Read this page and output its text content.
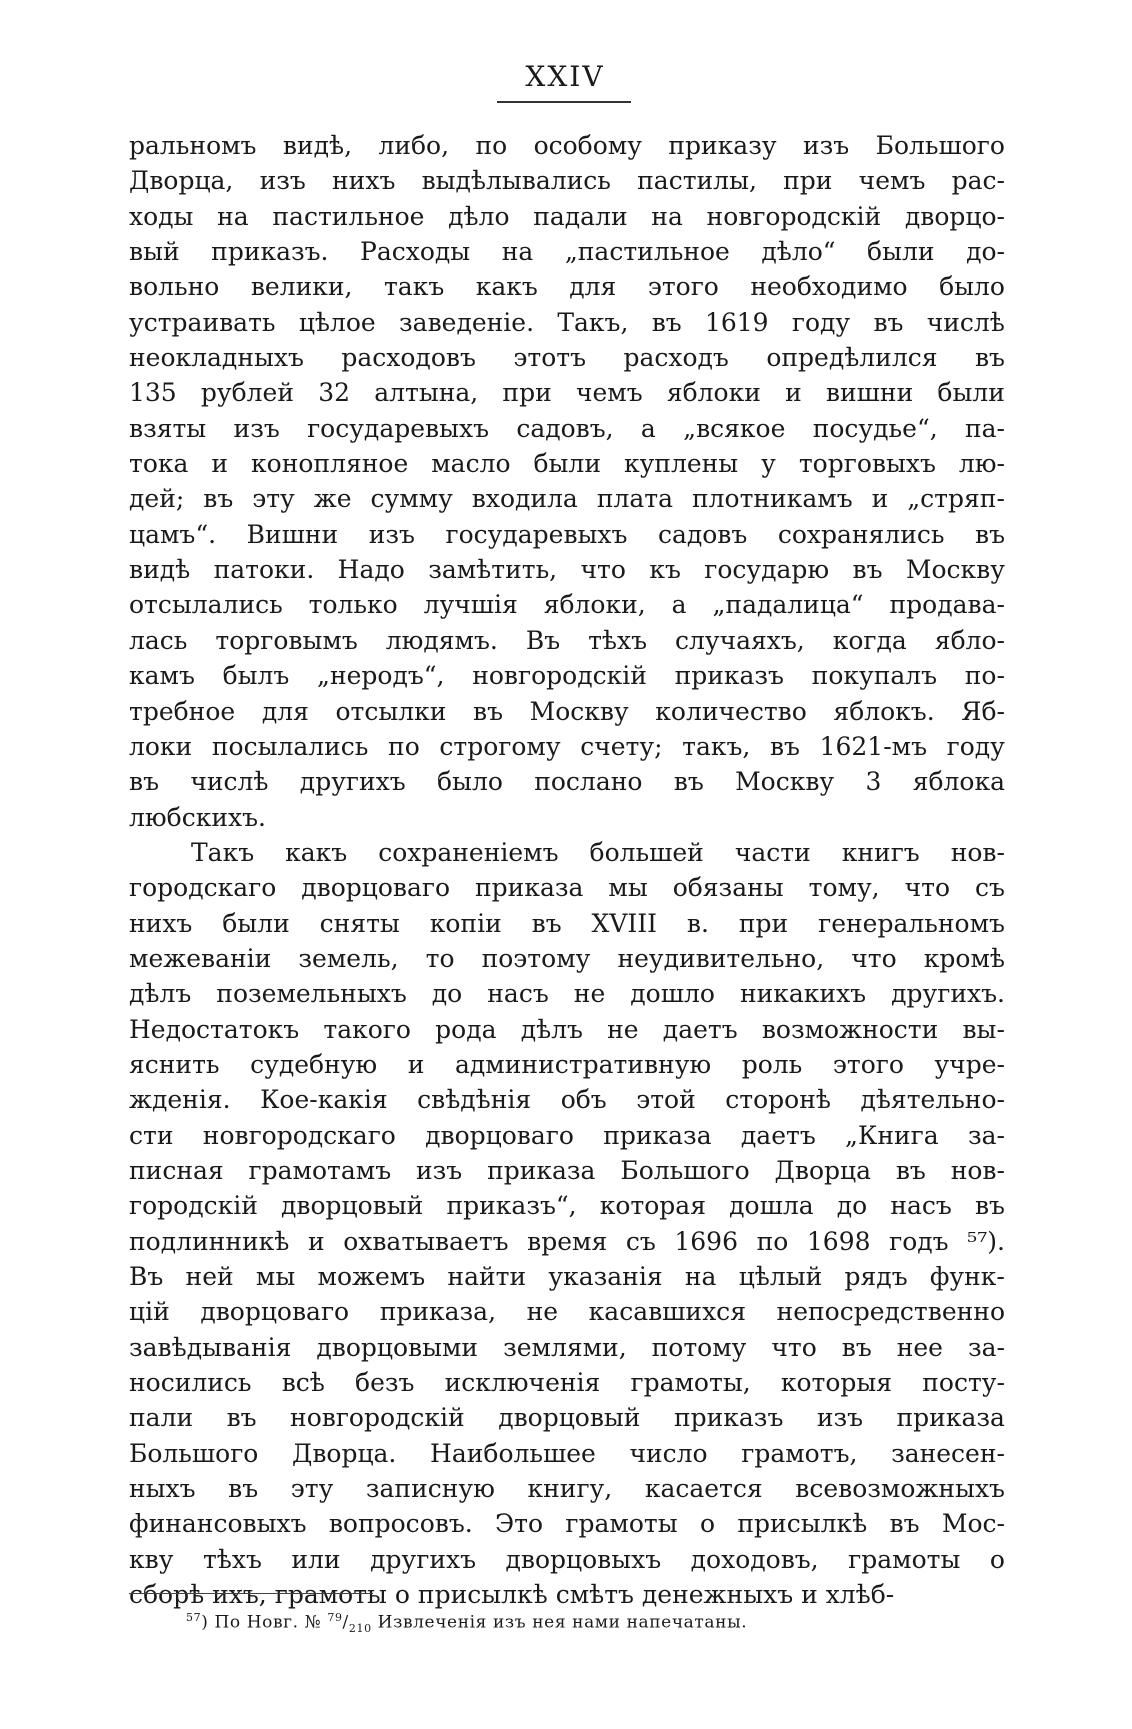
XXIV
ральномъ видѣ, либо, по особому приказу изъ Большого
Дворца, изъ нихъ выдѣлывались пастилы, при чемъ рас-
ходы на пастильное дѣло падали на новгородскій дворцо-
вый приказъ. Расходы на „пастильное дѣло“ были до-
вольно велики, такъ какъ для этого необходимо было
устраивать цѣлое заведеніе. Такъ, въ 1619 году въ числѣ
неокладныхъ расходовъ этотъ расходъ опредѣлился въ
135 рублей 32 алтына, при чемъ яблоки и вишни были
взяты изъ государевыхъ садовъ, а „всякое посудье“, па-
тока и конопляное масло были куплены у торговыхъ лю-
дей; въ эту же сумму входила плата плотникамъ и „стряп-
цамъ“. Вишни изъ государевыхъ садовъ сохранялись въ
видѣ патоки. Надо замѣтить, что къ государю въ Москву
отсылались только лучшія яблоки, а „падалица“ продава-
лась торговымъ людямъ. Въ тѣхъ случаяхъ, когда ябло-
камъ былъ „неродъ“, новгородскій приказъ покупалъ по-
требное для отсылки въ Москву количество яблокъ. Яб-
локи посылались по строгому счету; такъ, въ 1621-мъ году
въ числѣ другихъ было послано въ Москву 3 яблока
любскихъ.
Такъ какъ сохраненіемъ большей части книгъ нов-
городскаго дворцоваго приказа мы обязаны тому, что съ
нихъ были сняты копіи въ XVIII в. при генеральномъ
межеваніи земель, то поэтому неудивительно, что кромѣ
дѣлъ поземельныхъ до насъ не дошло никакихъ другихъ.
Недостатокъ такого рода дѣлъ не даетъ возможности вы-
яснить судебную и административную роль этого учре-
жденія. Кое-какія свѣдѣнія объ этой сторонѣ дѣятельно-
сти новгородскаго дворцоваго приказа даетъ „Книга за-
писная грамотамъ изъ приказа Большого Дворца въ нов-
городскій дворцовый приказъ“, которая дошла до насъ въ
подлинникѣ и охватываетъ время съ 1696 по 1698 годъ ⁵⁷).
Въ ней мы можемъ найти указанія на цѣлый рядъ функ-
цій дворцоваго приказа, не касавшихся непосредственно
завѣдыванія дворцовыми землями, потому что въ нее за-
носились всѣ безъ исключенія грамоты, которыя посту-
пали въ новгородскій дворцовый приказъ изъ приказа
Большого Дворца. Наибольшее число грамотъ, занесен-
ныхъ въ эту записную книгу, касается всевозможныхъ
финансовыхъ вопросовъ. Это грамоты о присылкѣ въ Мос-
кву тѣхъ или другихъ дворцовыхъ доходовъ, грамоты о
сборѣ
ихъ,
грамоты
о
присылкѣ
смѣтъ
денежныхъ
и
хлѣб-
$^{57}$) По Новг. № $^{79}/_{210}$ Извлеченія изъ нея нами напечатаны.
